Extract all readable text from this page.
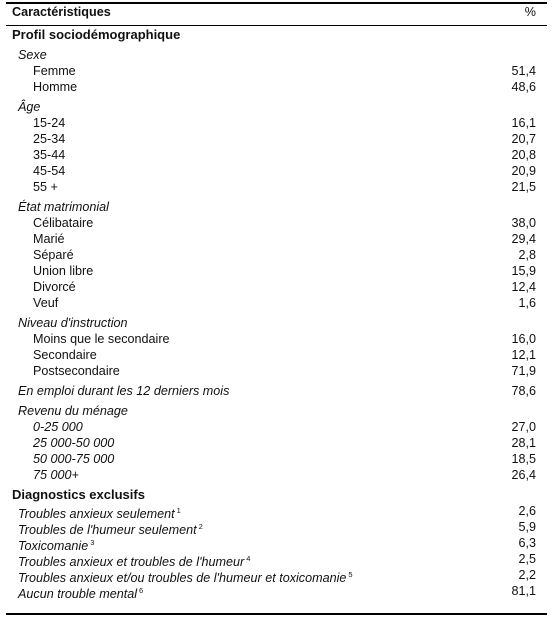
Caractéristiques	%
Profil sociodémographique
Sexe
Femme	51,4
Homme	48,6
Âge
15-24	16,1
25-34	20,7
35-44	20,8
45-54	20,9
55 +	21,5
État matrimonial
Célibataire	38,0
Marié	29,4
Séparé	2,8
Union libre	15,9
Divorcé	12,4
Veuf	1,6
Niveau d'instruction
Moins que le secondaire	16,0
Secondaire	12,1
Postsecondaire	71,9
En emploi durant les 12 derniers mois	78,6
Revenu du ménage
0-25 000	27,0
25 000-50 000	28,1
50 000-75 000	18,5
75 000+	26,4
Diagnostics exclusifs
Troubles anxieux seulement $^1$	2,6
Troubles de l'humeur seulement $^2$	5,9
Toxicomanie $^3$	6,3
Troubles anxieux et troubles de l'humeur $^4$	2,5
Troubles anxieux et/ou troubles de l'humeur et toxicomanie $^5$	2,2
Aucun trouble mental $^6$	81,1
